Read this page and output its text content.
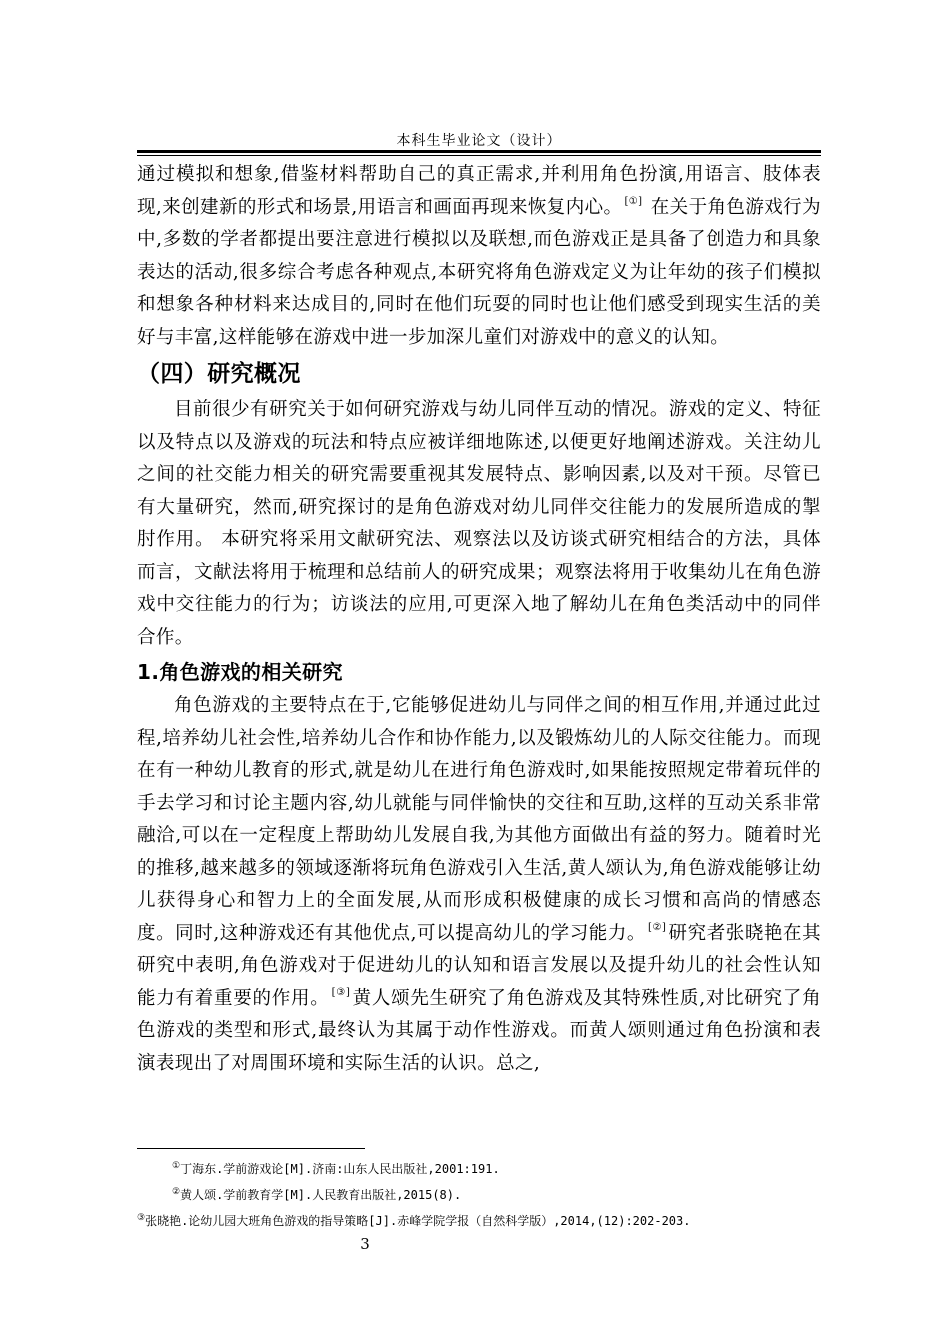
本科生毕业论文（设计）

通过模拟和想象,借鉴材料帮助自己的真正需求,并利用角色扮演,用语言、肢体表现,来创建新的形式和场景,用语言和画面再现来恢复内心。 [①] 在关于角色游戏行为中,多数的学者都提出要注意进行模拟以及联想,而色游戏正是具备了创造力和具象表达的活动,很多综合考虑各种观点,本研究将角色游戏定义为让年幼的孩子们模拟和想象各种材料来达成目的,同时在他们玩耍的同时也让他们感受到现实生活的美好与丰富,这样能够在游戏中进一步加深儿童们对游戏中的意义的认知。

（四）研究概况

目前很少有研究关于如何研究游戏与幼儿同伴互动的情况。游戏的定义、特征以及特点以及游戏的玩法和特点应被详细地陈述,以便更好地阐述游戏。关注幼儿之间的社交能力相关的研究需要重视其发展特点、影响因素,以及对干预。尽管已有大量研究，然而,研究探讨的是角色游戏对幼儿同伴交往能力的发展所造成的掣肘作用。 本研究将采用文献研究法、观察法以及访谈式研究相结合的方法，具体而言，文献法将用于梳理和总结前人的研究成果；观察法将用于收集幼儿在角色游戏中交往能力的行为；访谈法的应用,可更深入地了解幼儿在角色类活动中的同伴合作。

1.角色游戏的相关研究

角色游戏的主要特点在于,它能够促进幼儿与同伴之间的相互作用,并通过此过程,培养幼儿社会性,培养幼儿合作和协作能力,以及锻炼幼儿的人际交往能力。而现在有一种幼儿教育的形式,就是幼儿在进行角色游戏时,如果能按照规定带着玩伴的手去学习和讨论主题内容,幼儿就能与同伴愉快的交往和互助,这样的互动关系非常融洽,可以在一定程度上帮助幼儿发展自我,为其他方面做出有益的努力。随着时光的推移,越来越多的领域逐渐将玩角色游戏引入生活,黄人颂认为,角色游戏能够让幼儿获得身心和智力上的全面发展,从而形成积极健康的成长习惯和高尚的情感态度。同时,这种游戏还有其他优点,可以提高幼儿的学习能力。 [②] 研究者张晓艳在其研究中表明,角色游戏对于促进幼儿的认知和语言发展以及提升幼儿的社会性认知能力有着重要的作用。 [③] 黄人颂先生研究了角色游戏及其特殊性质,对比研究了角色游戏的类型和形式,最终认为其属于动作性游戏。而黄人颂则通过角色扮演和表演表现出了对周围环境和实际生活的认识。总之,

①丁海东.学前游戏论[M].济南:山东人民出版社,2001:191.
②黄人颂.学前教育学[M].人民教育出版社,2015(8).
③张晓艳.论幼儿园大班角色游戏的指导策略[J].赤峰学院学报（自然科学版）,2014,(12):202-203.
3
